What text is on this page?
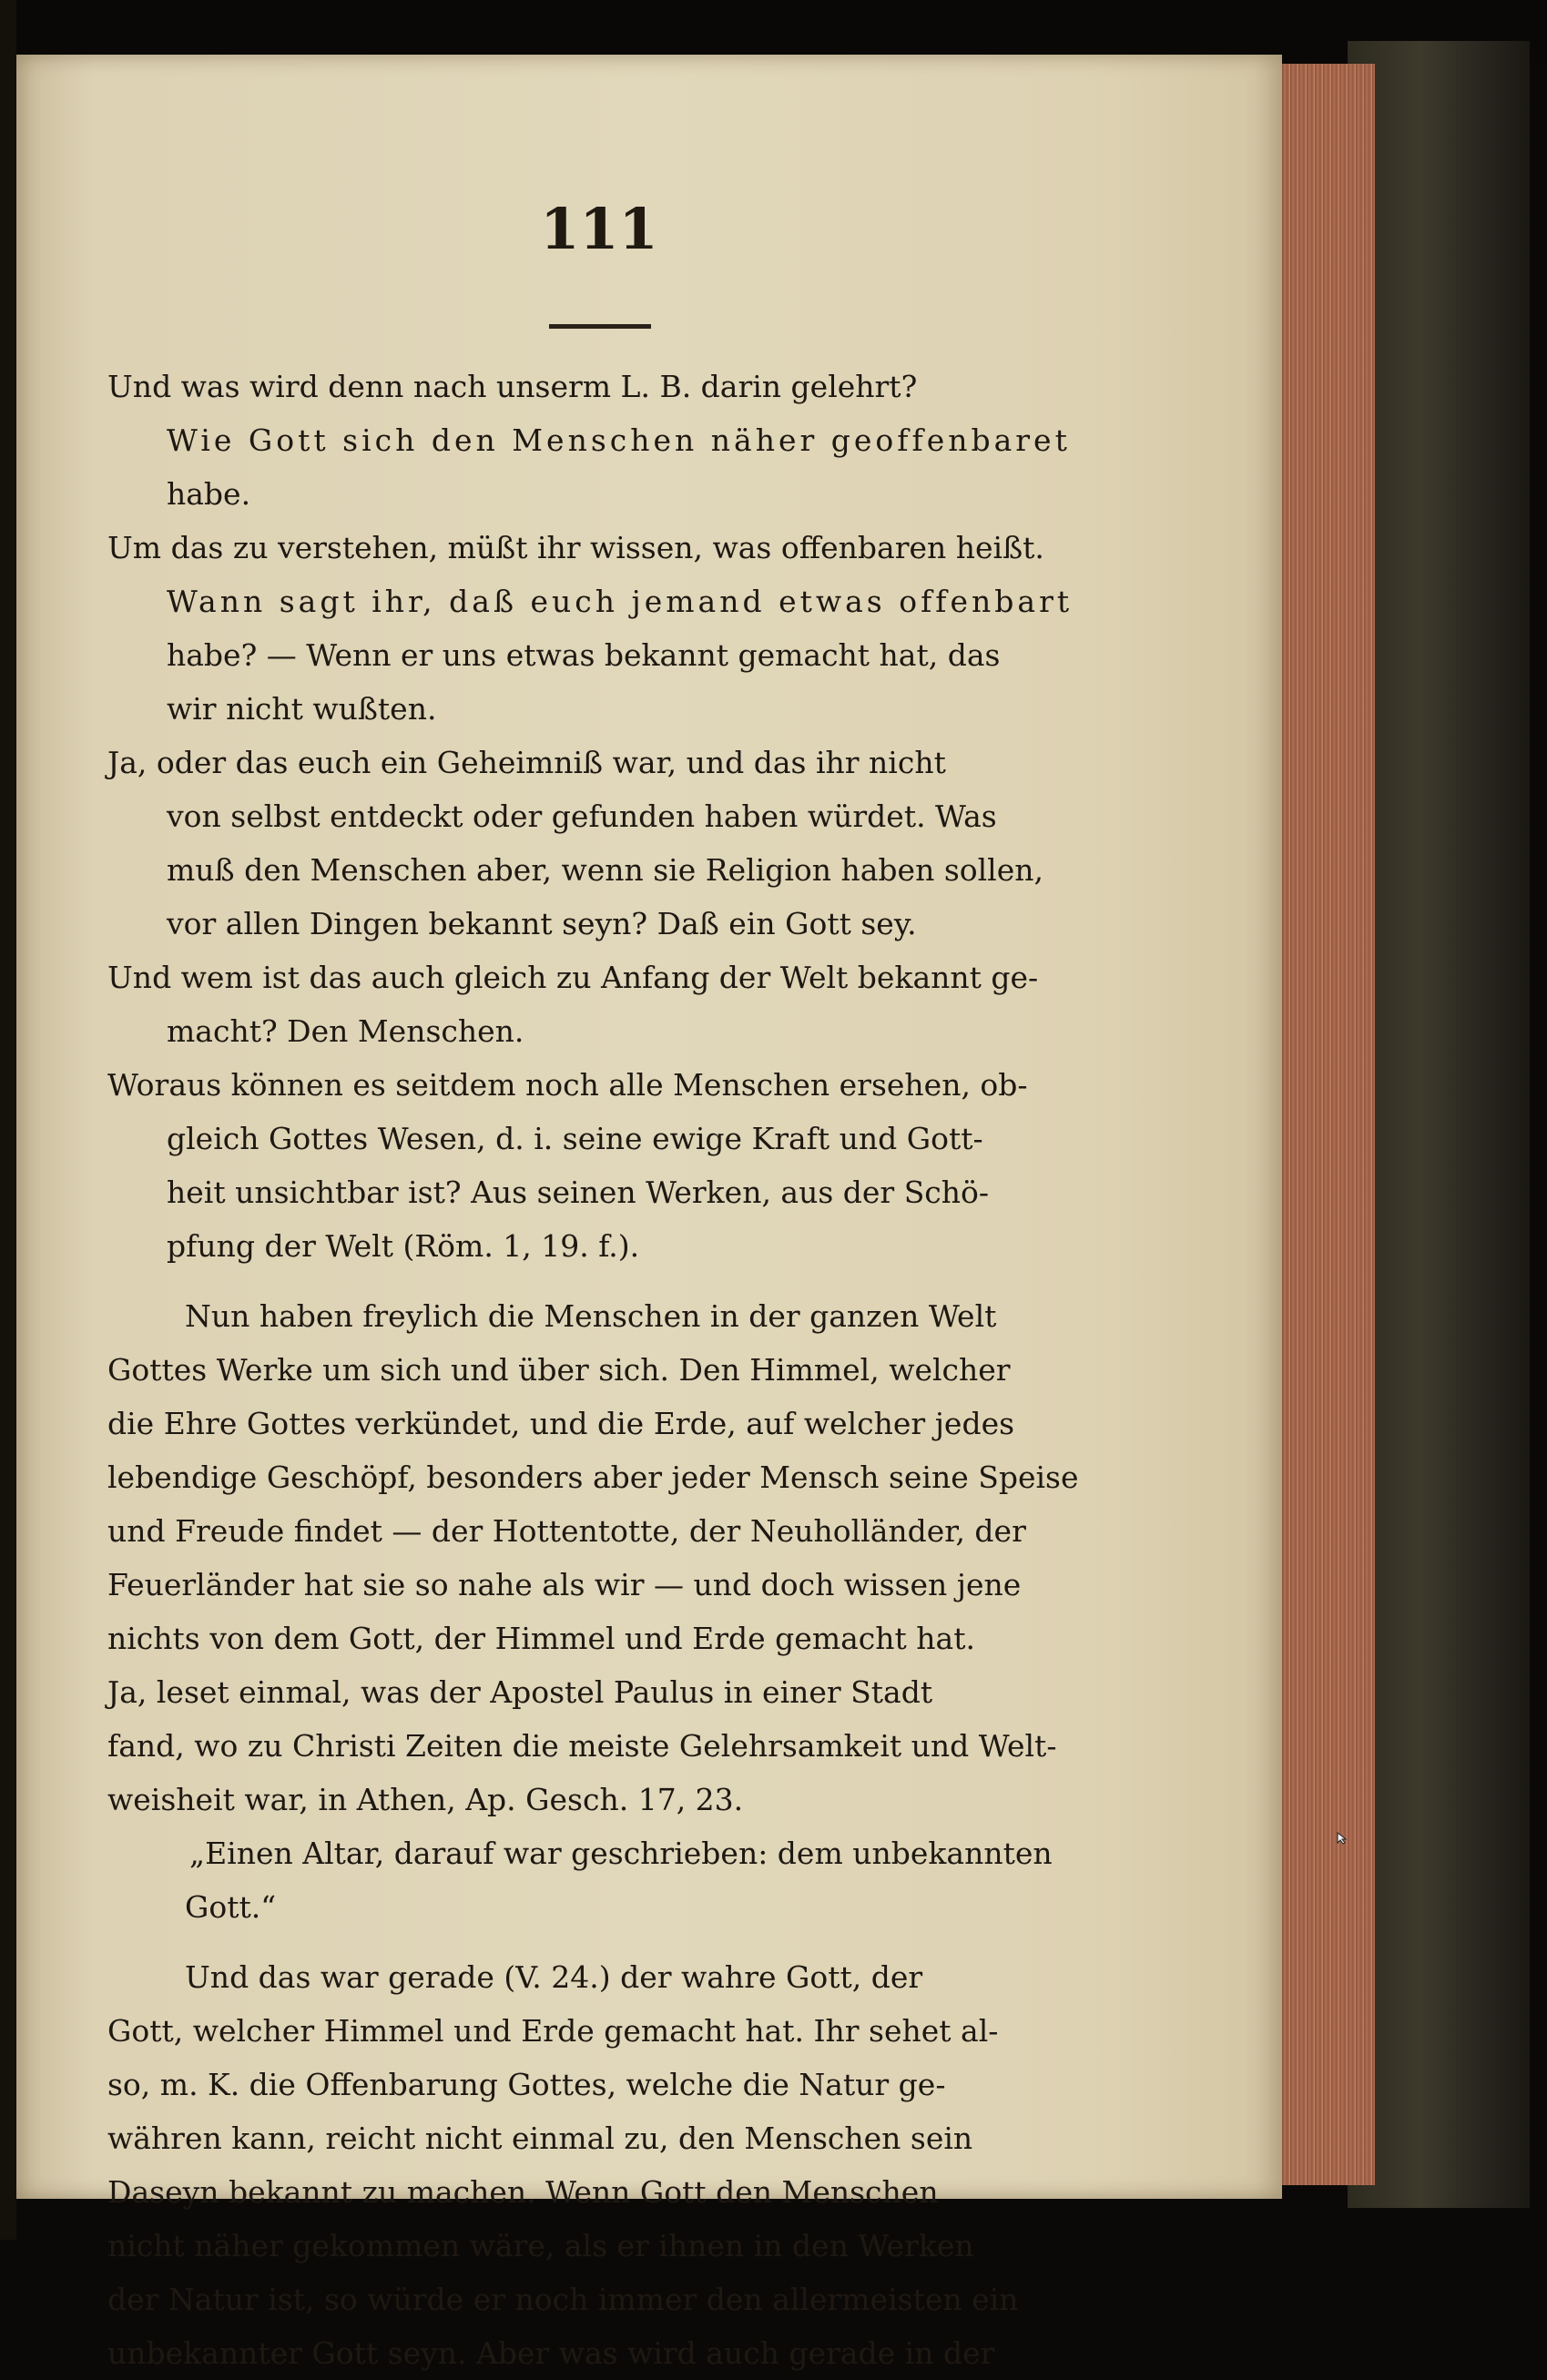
111
Und was wird denn nach unserm L. B. darin gelehrt?
Wie Gott sich den Menschen näher geoffenbaret
habe.
Um das zu verstehen, müßt ihr wissen, was offenbaren heißt.
Wann sagt ihr, daß euch jemand etwas offenbart
habe? — Wenn er uns etwas bekannt gemacht hat, das
wir nicht wußten.
Ja, oder das euch ein Geheimniß war, und das ihr nicht
von selbst entdeckt oder gefunden haben würdet. Was
muß den Menschen aber, wenn sie Religion haben sollen,
vor allen Dingen bekannt seyn? Daß ein Gott sey.
Und wem ist das auch gleich zu Anfang der Welt bekannt ge-
macht? Den Menschen.
Woraus können es seitdem noch alle Menschen ersehen, ob-
gleich Gottes Wesen, d. i. seine ewige Kraft und Gott-
heit unsichtbar ist? Aus seinen Werken, aus der Schö-
pfung der Welt (Röm. 1, 19. f.).
Nun haben freylich die Menschen in der ganzen Welt
Gottes Werke um sich und über sich. Den Himmel, welcher
die Ehre Gottes verkündet, und die Erde, auf welcher jedes
lebendige Geschöpf, besonders aber jeder Mensch seine Speise
und Freude findet — der Hottentotte, der Neuholländer, der
Feuerländer hat sie so nahe als wir — und doch wissen jene
nichts von dem Gott, der Himmel und Erde gemacht hat.
Ja, leset einmal, was der Apostel Paulus in einer Stadt
fand, wo zu Christi Zeiten die meiste Gelehrsamkeit und Welt-
weisheit war, in Athen, Ap. Gesch. 17, 23.
„Einen Altar, darauf war geschrieben: dem unbekannten
Gott.“
Und das war gerade (V. 24.) der wahre Gott, der
Gott, welcher Himmel und Erde gemacht hat. Ihr sehet al-
so, m. K. die Offenbarung Gottes, welche die Natur ge-
währen kann, reicht nicht einmal zu, den Menschen sein
Daseyn bekannt zu machen. Wenn Gott den Menschen
nicht näher gekommen wäre, als er ihnen in den Werken
der Natur ist, so würde er noch immer den allermeisten ein
unbekannter Gott seyn. Aber was wird auch gerade in der
